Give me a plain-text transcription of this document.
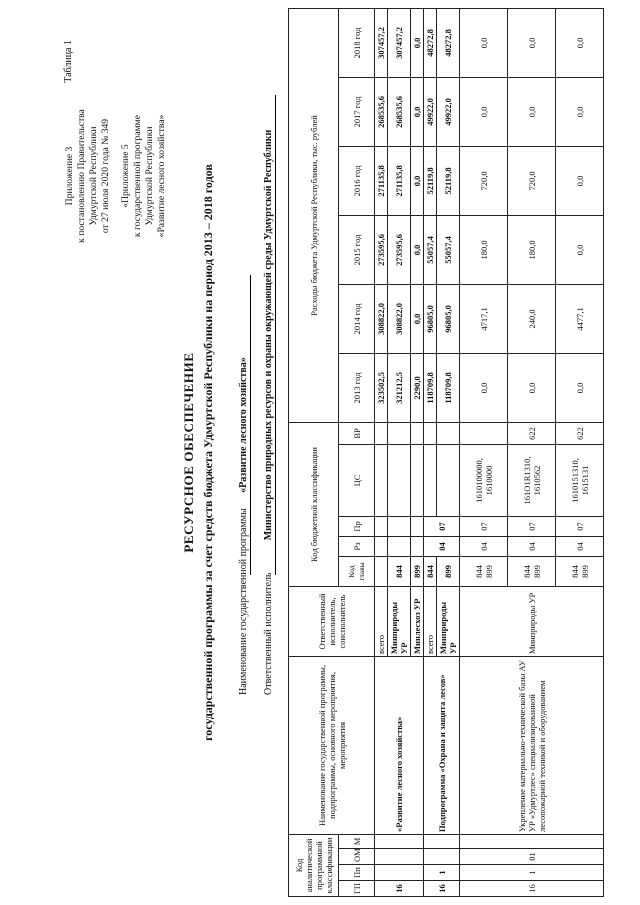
Приложение 3 к постановлению Правительства Удмуртской Республики от 27 июля 2020 года № 349 «Приложение 5 к государственной программе Удмуртской Республики «Развитие лесного хозяйства»
Таблица 1
РЕСУРСНОЕ ОБЕСПЕЧЕНИЕ государственной программы за счет средств бюджета Удмуртской Республики на период 2013 – 2018 годов Наименование государственной программы
«Развитие лесного хозяйства»
Ответственный исполнитель
Министерство природных ресурсов и охраны окружающей среды Удмуртской Республики
Код аналитической программной классификации				Наименование государственной программы, подпрограммы, основного мероприятия, мероприятия	Ответственный исполнитель, соисполнитель	Код бюджетной классификации					Расходы бюджета Удмуртской Республики, тыс. рублей					
ГП	Пп	ОМ	М			Код главы	Рз	Пр	ЦС	ВР	2013 год	2014 год	2015 год	2016 год	2017 год	2018 год
16				«Развитие лесного хозяйства»	всего						323502,5	308822,0	273595,6	271135,8	268535,6	307457,2
					Минприроды УР	844					321212,5	308822,0	273595,6	271135,8	268535,6	307457,2
					Минлесхоз УР	899					2290,0	0,0	0,0	0,0	0,0	0,0
16	1			Подпрограмма «Охрана и защита лесов»	всего	844	04	07			118709,8	96805,0	55057,4	52119,8	49922,0	48272,8
					Минприроды УР	899					118709,8	96805,0	55057,4	52119,8	49922,0	48272,8
16	1	01		Укрепление материально-технической базы АУ УР «Удмуртлес» специализированной лесопожарной техникой и оборудованием	Минприроды УР	844 899	04	07	1610100000, 1610000		0,0	4717,1	180,0	720,0	0,0	0,0
						844 899	04	07	161О1R1310, 1610562	622	0,0	240,0	180,0	720,0	0,0	0,0
						844 899	04	07	1610151310, 1615131	622	0,0	4477,1	0,0	0,0	0,0	0,0
